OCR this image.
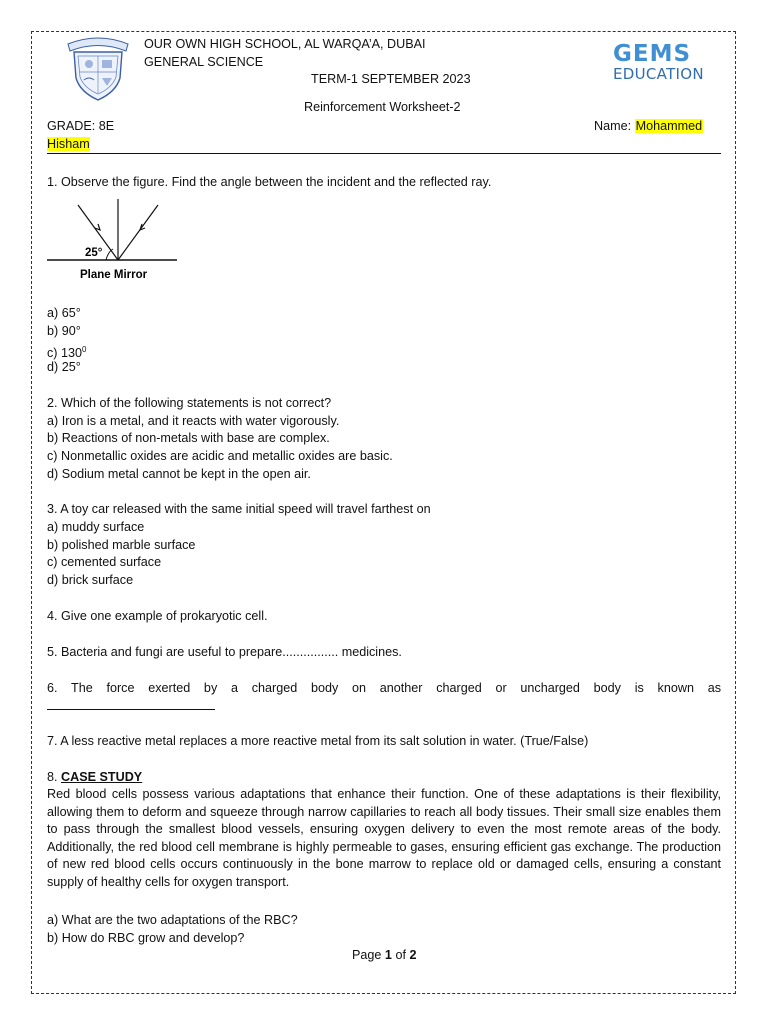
OUR OWN HIGH SCHOOL, AL WARQA’A, DUBAI
GENERAL SCIENCE
TERM-1 SEPTEMBER 2023
Reinforcement Worksheet-2
GEMS
EDUCATION
GRADE: 8E	Name: Mohammed
Hisham
1. Observe the figure. Find the angle between the incident and the reflected ray.
25°
Plane Mirror
a) 65°
b) 90°
c) $130^0$
d) 25°
2. Which of the following statements is not correct?
a) Iron is a metal, and it reacts with water vigorously.
b) Reactions of non-metals with base are complex.
c) Nonmetallic oxides are acidic and metallic oxides are basic.
d) Sodium metal cannot be kept in the open air.
3. A toy car released with the same initial speed will travel farthest on
a) muddy surface
b) polished marble surface
c) cemented surface
d) brick surface
4. Give one example of prokaryotic cell.
5. Bacteria and fungi are useful to prepare................ medicines.
6. The force exerted by a charged body on another charged or uncharged body is known as
7. A less reactive metal replaces a more reactive metal from its salt solution in water. (True/False)
8. CASE STUDY
Red blood cells possess various adaptations that enhance their function. One of these adaptations is their flexibility, allowing them to deform and squeeze through narrow capillaries to reach all body tissues. Their small size enables them to pass through the smallest blood vessels, ensuring oxygen delivery to even the most remote areas of the body. Additionally, the red blood cell membrane is highly permeable to gases, ensuring efficient gas exchange. The production of new red blood cells occurs continuously in the bone marrow to replace old or damaged cells, ensuring a constant supply of healthy cells for oxygen transport.
a) What are the two adaptations of the RBC?
b) How do RBC grow and develop?
Page 1 of 2
